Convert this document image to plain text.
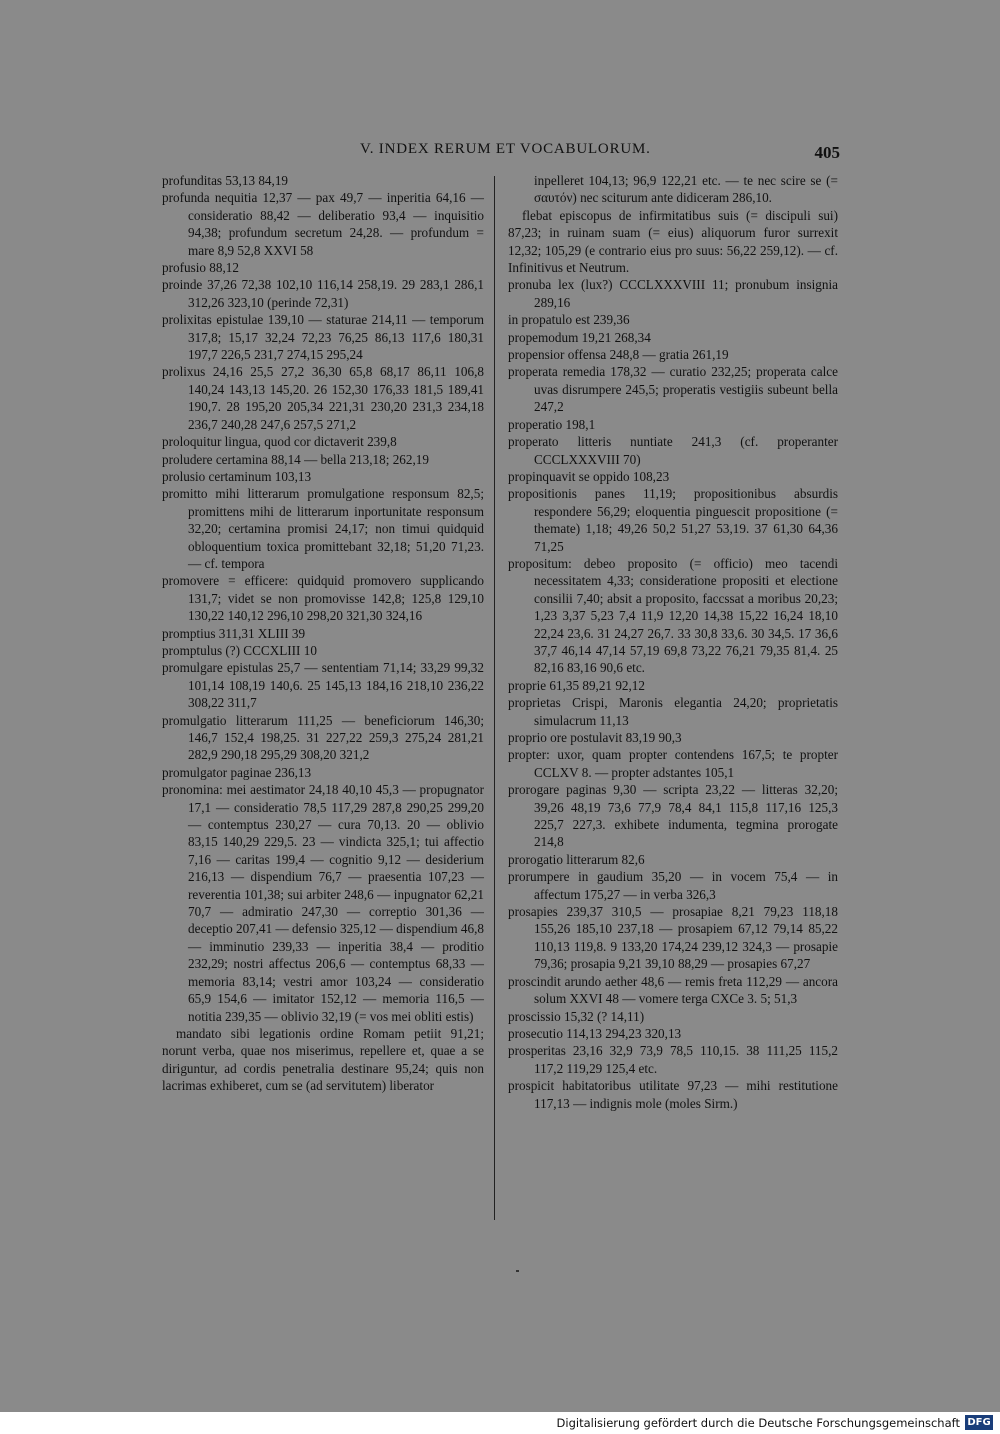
V. INDEX RERUM ET VOCABULORUM.	405

profunditas 53,13 84,19

profunda nequitia 12,37 — pax 49,7 — inperitia 64,16 — consideratio 88,42 — deliberatio 93,4 — inquisitio 94,38; profundum secretum 24,28. — profundum = mare 8,9 52,8 XXVI 58

profusio 88,12

proinde 37,26 72,38 102,10 116,14 258,19. 29 283,1 286,1 312,26 323,10 (perinde 72,31)

prolixitas epistulae 139,10 — staturae 214,11 — temporum 317,8; 15,17 32,24 72,23 76,25 86,13 117,6 180,31 197,7 226,5 231,7 274,15 295,24

prolixus 24,16 25,5 27,2 36,30 65,8 68,17 86,11 106,8 140,24 143,13 145,20. 26 152,30 176,33 181,5 189,41 190,7. 28 195,20 205,34 221,31 230,20 231,3 234,18 236,7 240,28 247,6 257,5 271,2

proloquitur lingua, quod cor dictaverit 239,8

proludere certamina 88,14 — bella 213,18; 262,19

prolusio certaminum 103,13

promitto mihi litterarum promulgatione responsum 82,5; promittens mihi de litterarum inportunitate responsum 32,20; certamina promisi 24,17; non timui quidquid obloquentium toxica promittebant 32,18; 51,20 71,23. — cf. tempora

promovere = efficere: quidquid promovero supplicando 131,7; videt se non promovisse 142,8; 125,8 129,10 130,22 140,12 296,10 298,20 321,30 324,16

promptius 311,31 XLIII 39

promptulus (?) CCCXLIII 10

promulgare epistulas 25,7 — sententiam 71,14; 33,29 99,32 101,14 108,19 140,6. 25 145,13 184,16 218,10 236,22 308,22 311,7

promulgatio litterarum 111,25 — beneficiorum 146,30; 146,7 152,4 198,25. 31 227,22 259,3 275,24 281,21 282,9 290,18 295,29 308,20 321,2

promulgator paginae 236,13

pronomina: mei aestimator 24,18 40,10 45,3 — propugnator 17,1 — consideratio 78,5 117,29 287,8 290,25 299,20 — contemptus 230,27 — cura 70,13. 20 — oblivio 83,15 140,29 229,5. 23 — vindicta 325,1; tui affectio 7,16 — caritas 199,4 — cognitio 9,12 — desiderium 216,13 — dispendium 76,7 — praesentia 107,23 — reverentia 101,38; sui arbiter 248,6 — inpugnator 62,21 70,7 — admiratio 247,30 — correptio 301,36 — deceptio 207,41 — defensio 325,12 — dispendium 46,8 — imminutio 239,33 — inperitia 38,4 — proditio 232,29; nostri affectus 206,6 — contemptus 68,33 — memoria 83,14; vestri amor 103,24 — consideratio 65,9 154,6 — imitator 152,12 — memoria 116,5 — notitia 239,35 — oblivio 32,19 (= vos mei obliti estis)

mandato sibi legationis ordine Romam petiit 91,21; norunt verba, quae nos miserimus, repellere et, quae a se diriguntur, ad cordis penetralia destinare 95,24; quis non lacrimas exhiberet, cum se (ad servitutem) liberator

inpelleret 104,13; 96,9 122,21 etc. — te nec scire se (= σαυτόν) nec sciturum ante didiceram 286,10.

flebat episcopus de infirmitatibus suis (= discipuli sui) 87,23; in ruinam suam (= eius) aliquorum furor surrexit 12,32; 105,29 (e contrario eius pro suus: 56,22 259,12). — cf. Infinitivus et Neutrum.

pronuba lex (lux?) CCCLXXXVIII 11; pronubum insignia 289,16

in propatulo est 239,36

propemodum 19,21 268,34

propensior offensa 248,8 — gratia 261,19

properata remedia 178,32 — curatio 232,25; properata calce uvas disrumpere 245,5; properatis vestigiis subeunt bella 247,2

properatio 198,1

properato litteris nuntiate 241,3 (cf. properanter CCCLXXXVIII 70)

propinquavit se oppido 108,23

propositionis panes 11,19; propositionibus absurdis respondere 56,29; eloquentia pinguescit propositione (= themate) 1,18; 49,26 50,2 51,27 53,19. 37 61,30 64,36 71,25

propositum: debeo proposito (= officio) meo tacendi necessitatem 4,33; consideratione propositi et electione consilii 7,40; absit a proposito, faccssat a moribus 20,23; 1,23 3,37 5,23 7,4 11,9 12,20 14,38 15,22 16,24 18,10 22,24 23,6. 31 24,27 26,7. 33 30,8 33,6. 30 34,5. 17 36,6 37,7 46,14 47,14 57,19 69,8 73,22 76,21 79,35 81,4. 25 82,16 83,16 90,6 etc.

proprie 61,35 89,21 92,12

proprietas Crispi, Maronis elegantia 24,20; proprietatis simulacrum 11,13

proprio ore postulavit 83,19 90,3

propter: uxor, quam propter contendens 167,5; te propter CCLXV 8. — propter adstantes 105,1

prorogare paginas 9,30 — scripta 23,22 — litteras 32,20; 39,26 48,19 73,6 77,9 78,4 84,1 115,8 117,16 125,3 225,7 227,3. exhibete indumenta, tegmina prorogate 214,8

prorogatio litterarum 82,6

prorumpere in gaudium 35,20 — in vocem 75,4 — in affectum 175,27 — in verba 326,3

prosapies 239,37 310,5 — prosapiae 8,21 79,23 118,18 155,26 185,10 237,18 — prosapiem 67,12 79,14 85,22 110,13 119,8. 9 133,20 174,24 239,12 324,3 — prosapie 79,36; prosapia 9,21 39,10 88,29 — prosapies 67,27

proscindit arundo aether 48,6 — remis freta 112,29 — ancora solum XXVI 48 — vomere terga CXCe 3. 5; 51,3

proscissio 15,32 (? 14,11)

prosecutio 114,13 294,23 320,13

prosperitas 23,16 32,9 73,9 78,5 110,15. 38 111,25 115,2 117,2 119,29 125,4 etc.

prospicit habitatoribus utilitate 97,23 — mihi restitutione 117,13 — indignis mole (moles Sirm.)

Digitalisierung gefördert durch die Deutsche Forschungsgemeinschaft DFG
